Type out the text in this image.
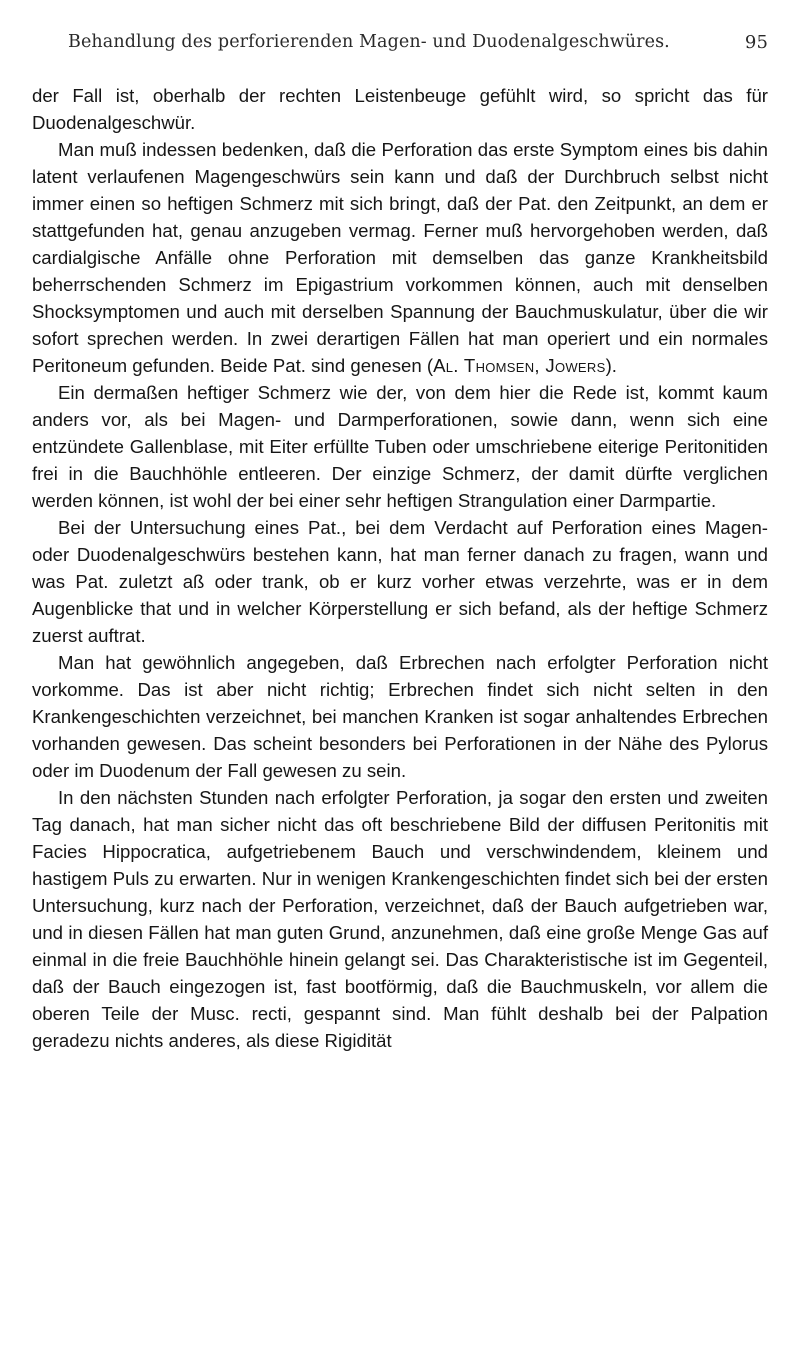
Behandlung des perforierenden Magen- und Duodenalgeschwüres.	95

der Fall ist, oberhalb der rechten Leistenbeuge gefühlt wird, so spricht das für Duodenalgeschwür.

Man muß indessen bedenken, daß die Perforation das erste Symptom eines bis dahin latent verlaufenen Magengeschwürs sein kann und daß der Durchbruch selbst nicht immer einen so heftigen Schmerz mit sich bringt, daß der Pat. den Zeitpunkt, an dem er stattgefunden hat, genau anzugeben vermag. Ferner muß hervorgehoben werden, daß cardialgische Anfälle ohne Perforation mit demselben das ganze Krankheitsbild beherrschenden Schmerz im Epigastrium vorkommen können, auch mit denselben Shocksymptomen und auch mit derselben Spannung der Bauchmuskulatur, über die wir sofort sprechen werden. In zwei derartigen Fällen hat man operiert und ein normales Peritoneum gefunden. Beide Pat. sind genesen (Al. Thomsen, Jowers).

Ein dermaßen heftiger Schmerz wie der, von dem hier die Rede ist, kommt kaum anders vor, als bei Magen- und Darmperforationen, sowie dann, wenn sich eine entzündete Gallenblase, mit Eiter erfüllte Tuben oder umschriebene eiterige Peritonitiden frei in die Bauchhöhle entleeren. Der einzige Schmerz, der damit dürfte verglichen werden können, ist wohl der bei einer sehr heftigen Strangulation einer Darmpartie.

Bei der Untersuchung eines Pat., bei dem Verdacht auf Perforation eines Magen- oder Duodenalgeschwürs bestehen kann, hat man ferner danach zu fragen, wann und was Pat. zuletzt aß oder trank, ob er kurz vorher etwas verzehrte, was er in dem Augenblicke that und in welcher Körperstellung er sich befand, als der heftige Schmerz zuerst auftrat.

Man hat gewöhnlich angegeben, daß Erbrechen nach erfolgter Perforation nicht vorkomme. Das ist aber nicht richtig; Erbrechen findet sich nicht selten in den Krankengeschichten verzeichnet, bei manchen Kranken ist sogar anhaltendes Erbrechen vorhanden gewesen. Das scheint besonders bei Perforationen in der Nähe des Pylorus oder im Duodenum der Fall gewesen zu sein.

In den nächsten Stunden nach erfolgter Perforation, ja sogar den ersten und zweiten Tag danach, hat man sicher nicht das oft beschriebene Bild der diffusen Peritonitis mit Facies Hippocratica, aufgetriebenem Bauch und verschwindendem, kleinem und hastigem Puls zu erwarten. Nur in wenigen Krankengeschichten findet sich bei der ersten Untersuchung, kurz nach der Perforation, verzeichnet, daß der Bauch aufgetrieben war, und in diesen Fällen hat man guten Grund, anzunehmen, daß eine große Menge Gas auf einmal in die freie Bauchhöhle hinein gelangt sei. Das Charakteristische ist im Gegenteil, daß der Bauch eingezogen ist, fast bootförmig, daß die Bauchmuskeln, vor allem die oberen Teile der Musc. recti, gespannt sind. Man fühlt deshalb bei der Palpation geradezu nichts anderes, als diese Rigidität
